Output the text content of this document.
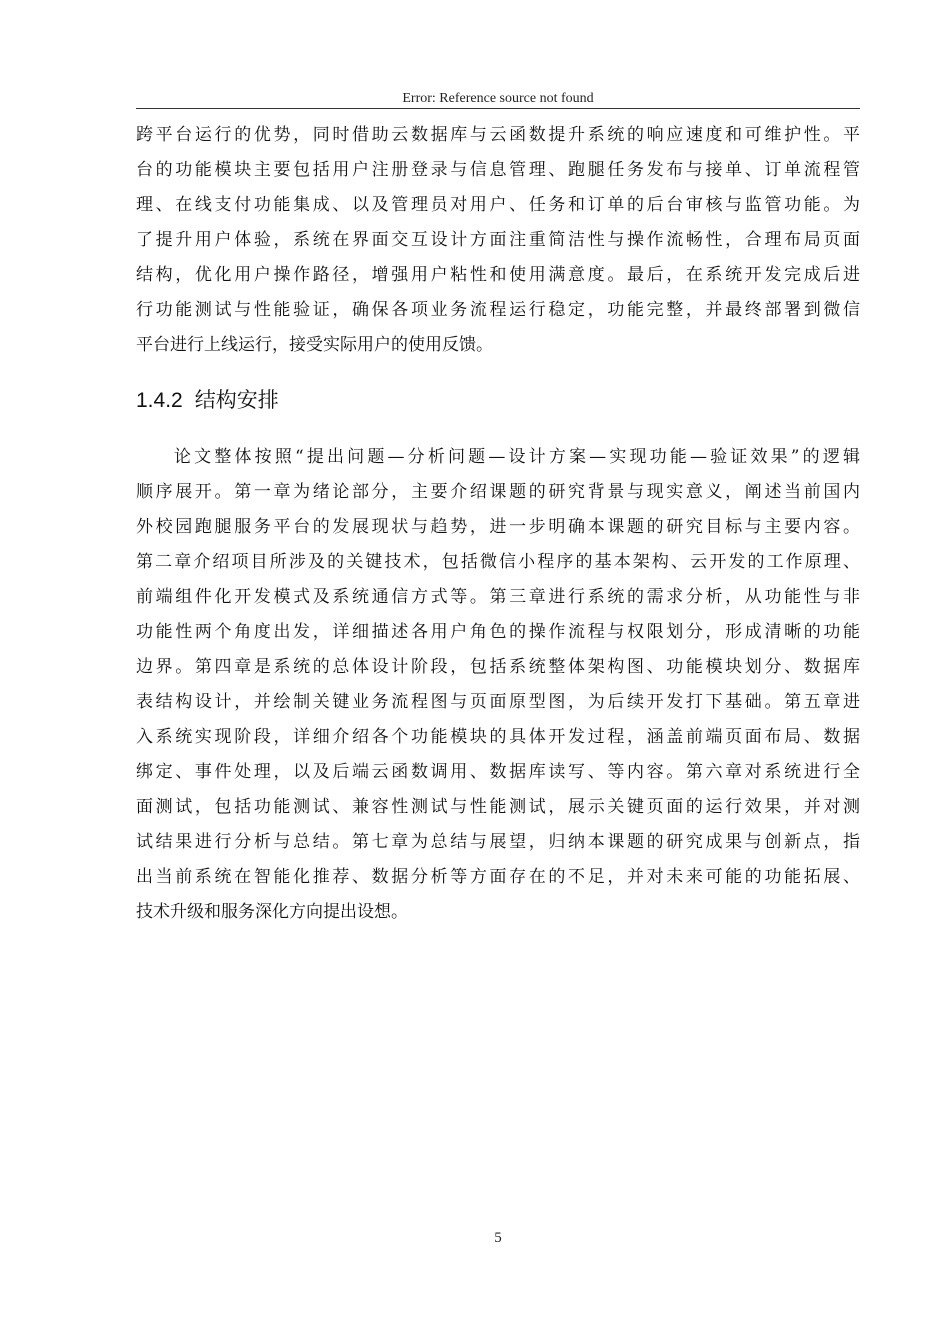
Error: Reference source not found
跨平台运行的优势，同时借助云数据库与云函数提升系统的响应速度和可维护性。平
台的功能模块主要包括用户注册登录与信息管理、跑腿任务发布与接单、订单流程管
理、在线支付功能集成、以及管理员对用户、任务和订单的后台审核与监管功能。为
了提升用户体验，系统在界面交互设计方面注重简洁性与操作流畅性，合理布局页面
结构，优化用户操作路径，增强用户粘性和使用满意度。最后，在系统开发完成后进
行功能测试与性能验证，确保各项业务流程运行稳定，功能完整，并最终部署到微信
平台进行上线运行，接受实际用户的使用反馈。
1.4.2 结构安排
论文整体按照“提出问题—分析问题—设计方案—实现功能—验证效果”的逻辑
顺序展开。第一章为绪论部分，主要介绍课题的研究背景与现实意义，阐述当前国内
外校园跑腿服务平台的发展现状与趋势，进一步明确本课题的研究目标与主要内容。
第二章介绍项目所涉及的关键技术，包括微信小程序的基本架构、云开发的工作原理、
前端组件化开发模式及系统通信方式等。第三章进行系统的需求分析，从功能性与非
功能性两个角度出发，详细描述各用户角色的操作流程与权限划分，形成清晰的功能
边界。第四章是系统的总体设计阶段，包括系统整体架构图、功能模块划分、数据库
表结构设计，并绘制关键业务流程图与页面原型图，为后续开发打下基础。第五章进
入系统实现阶段，详细介绍各个功能模块的具体开发过程，涵盖前端页面布局、数据
绑定、事件处理，以及后端云函数调用、数据库读写、等内容。第六章对系统进行全
面测试，包括功能测试、兼容性测试与性能测试，展示关键页面的运行效果，并对测
试结果进行分析与总结。第七章为总结与展望，归纳本课题的研究成果与创新点，指
出当前系统在智能化推荐、数据分析等方面存在的不足，并对未来可能的功能拓展、
技术升级和服务深化方向提出设想。
5
